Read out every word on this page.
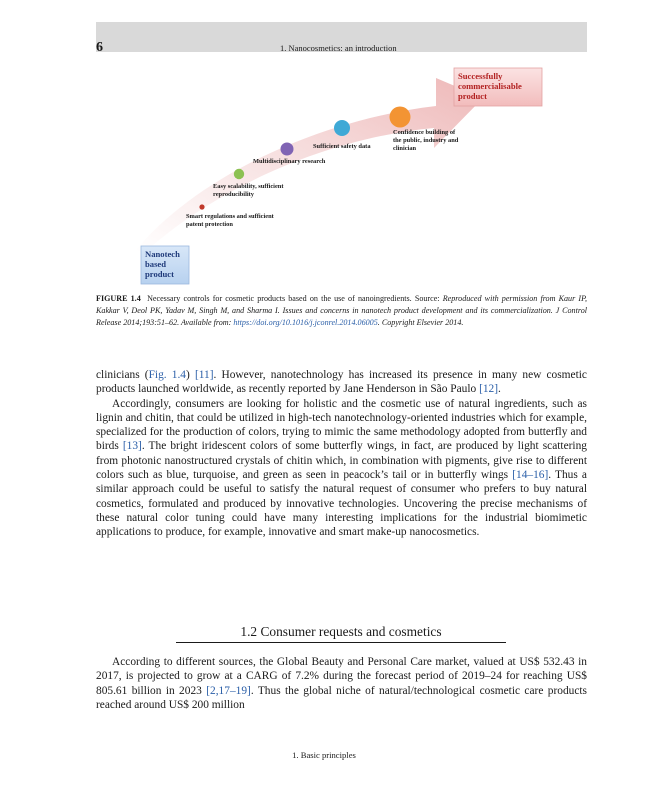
6	1. Nanocosmetics: an introduction
Nanotech based product
Successfully commercialisable product
Smart regulations and sufficient patent protection
Easy scalability, sufficient reproducibility
Multidisciplinary research
Sufficient safety data
Confidence building of the public, industry and clinician
FIGURE 1.4 Necessary controls for cosmetic products based on the use of nanoingredients. Source: Reproduced with permission from Kaur IP, Kakkar V, Deol PK, Yadav M, Singh M, and Sharma I. Issues and concerns in nanotech product development and its commercialization. J Control Release 2014;193:51–62. Available from: https://doi.org/10.1016/j.jconrel.2014.06005. Copyright Elsevier 2014.

clinicians (Fig. 1.4) [11]. However, nanotechnology has increased its presence in many new cosmetic products launched worldwide, as recently reported by Jane Henderson in São Paulo [12].

Accordingly, consumers are looking for holistic and the cosmetic use of natural ingredients, such as lignin and chitin, that could be utilized in high-tech nanotechnology-oriented industries which for example, specialized for the production of colors, trying to mimic the same methodology adopted from butterfly and birds [13]. The bright iridescent colors of some butterfly wings, in fact, are produced by light scattering from photonic nanostructured crystals of chitin which, in combination with pigments, give rise to different colors such as blue, turquoise, and green as seen in peacock’s tail or in butterfly wings [14–16]. Thus a similar approach could be useful to satisfy the natural request of consumer who prefers to buy natural cosmetics, formulated and produced by innovative technologies. Uncovering the precise mechanisms of these natural color tuning could have many interesting implications for the industrial biomimetic applications to produce, for example, innovative and smart make-up nanocosmetics.

1.2 Consumer requests and cosmetics

According to different sources, the Global Beauty and Personal Care market, valued at US$ 532.43 in 2017, is projected to grow at a CARG of 7.2% during the forecast period of 2019–24 for reaching US$ 805.61 billion in 2023 [2,17–19]. Thus the global niche of natural/technological cosmetic care products reached around US$ 200 million

1. Basic principles
